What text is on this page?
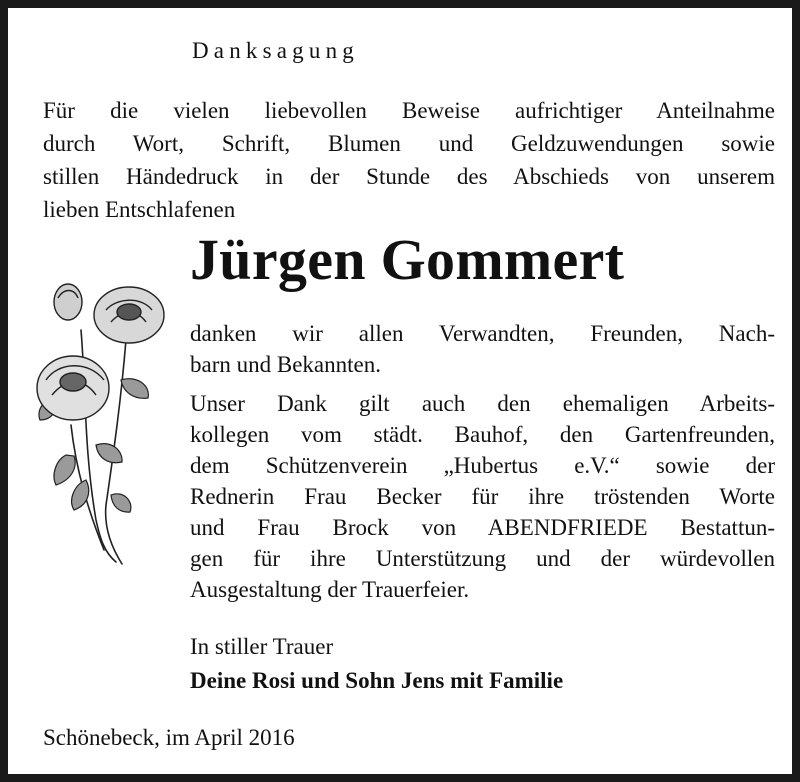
Danksagung
Für die vielen liebevollen Beweise aufrichtiger Anteilnahme
durch Wort, Schrift, Blumen und Geldzuwendungen sowie
stillen Händedruck in der Stunde des Abschieds von unserem
lieben Entschlafenen
Jürgen Gommert
danken wir allen Verwandten, Freunden, Nach-
barn und Bekannten.
Unser Dank gilt auch den ehemaligen Arbeits-
kollegen vom städt. Bauhof, den Gartenfreunden,
dem Schützenverein „Hubertus e.V.“ sowie der
Rednerin Frau Becker für ihre tröstenden Worte
und Frau Brock von ABENDFRIEDE Bestattun-
gen für ihre Unterstützung und der würdevollen
Ausgestaltung der Trauerfeier.
In stiller Trauer
Deine Rosi und Sohn Jens mit Familie
Schönebeck, im April 2016
